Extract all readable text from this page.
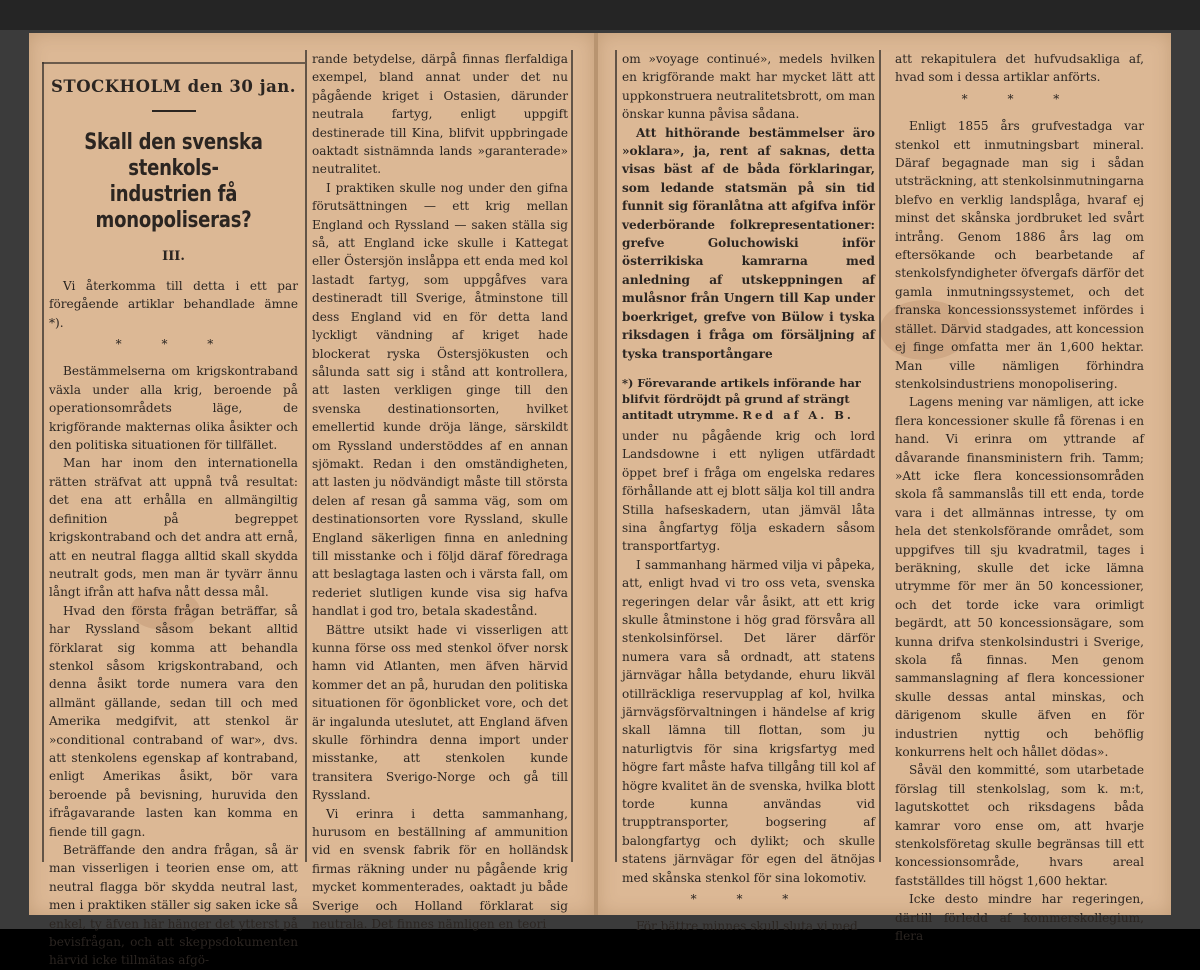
STOCKHOLM den 30 jan.
Skall den svenska stenkols-
industrien få monopoliseras?
III.

Vi återkomma till detta i ett par föregående artiklar behandlade ämne *).

* * *

Bestämmelserna om krigskontraband växla under alla krig, beroende på operationsområdets läge, de krigförande makternas olika åsikter och den politiska situationen för tillfället.

Man har inom den internationella rätten sträfvat att uppnå två resultat: det ena att erhålla en allmängiltig definition på begreppet krigskontraband och det andra att ernå, att en neutral flagga alltid skall skydda neutralt gods, men man är tyvärr ännu långt ifrån att hafva nått dessa mål.

Hvad den första frågan beträffar, så har Ryssland såsom bekant alltid förklarat sig komma att behandla stenkol såsom krigskontraband, och denna åsikt torde numera vara den allmänt gällande, sedan till och med Amerika medgifvit, att stenkol är »conditional contraband of war», dvs. att stenkolens egenskap af kontraband, enligt Amerikas åsikt, bör vara beroende på bevisning, huruvida den ifrågavarande lasten kan komma en fiende till gagn.

Beträffande den andra frågan, så är man visserligen i teorien ense om, att neutral flagga bör skydda neutral last, men i praktiken ställer sig saken icke så enkel, ty äfven här hänger det ytterst på bevisfrågan, och att skeppsdokumenten härvid icke tillmätas afgö-

rande betydelse, därpå finnas flerfaldiga exempel, bland annat under det nu pågående kriget i Ostasien, därunder neutrala fartyg, enligt uppgift destinerade till Kina, blifvit uppbringade oaktadt sistnämnda lands »garanterade» neutralitet.

I praktiken skulle nog under den gifna förutsättningen — ett krig mellan England och Ryssland — saken ställa sig så, att England icke skulle i Kattegat eller Östersjön inslåppa ett enda med kol lastadt fartyg, som uppgåfves vara destineradt till Sverige, åtminstone till dess England vid en för detta land lyckligt vändning af kriget hade blockerat ryska Östersjökusten och sålunda satt sig i stånd att kontrollera, att lasten verkligen ginge till den svenska destinationsorten, hvilket emellertid kunde dröja länge, särskildt om Ryssland understöddes af en annan sjömakt. Redan i den omständigheten, att lasten ju nödvändigt måste till största delen af resan gå samma väg, som om destinationsorten vore Ryssland, skulle England säkerligen finna en anledning till misstanke och i följd däraf föredraga att beslagtaga lasten och i värsta fall, om rederiet slutligen kunde visa sig hafva handlat i god tro, betala skadestånd.

Bättre utsikt hade vi visserligen att kunna förse oss med stenkol öfver norsk hamn vid Atlanten, men äfven härvid kommer det an på, hurudan den politiska situationen för ögonblicket vore, och det är ingalunda uteslutet, att England äfven skulle förhindra denna import under misstanke, att stenkolen kunde transitera Sverigo-Norge och gå till Ryssland.

Vi erinra i detta sammanhang, hurusom en beställning af ammunition vid en svensk fabrik för en holländsk firmas räkning under nu pågående krig mycket kommenterades, oaktadt ju både Sverige och Holland förklarat sig neutrala. Det finnes nämligen en teori

om »voyage continué», medels hvilken en krigförande makt har mycket lätt att uppkonstruera neutralitetsbrott, om man önskar kunna påvisa sådana.

Att hithörande bestämmelser äro »oklara», ja, rent af saknas, detta visas bäst af de båda förklaringar, som ledande statsmän på sin tid funnit sig föranlåtna att afgifva inför vederbörande folkrepresentationer: grefve Goluchowiski inför österrikiska kamrarna med anledning af utskeppningen af mulåsnor från Ungern till Kap under boerkriget, grefve von Bülow i tyska riksdagen i fråga om försäljning af tyska transportångare

*) Förevarande artikels införande har blifvit fördröjdt på grund af strängt antitadt utrymme. Red af A. B.

under nu pågående krig och lord Landsdowne i ett nyligen utfärdadt öppet bref i fråga om engelska redares förhållande att ej blott sälja kol till andra Stilla hafseskadern, utan jämväl låta sina ångfartyg följa eskadern såsom transportfartyg.

I sammanhang härmed vilja vi påpeka, att, enligt hvad vi tro oss veta, svenska regeringen delar vår åsikt, att ett krig skulle åtminstone i hög grad försvåra all stenkolsinförsel. Det lärer därför numera vara så ordnadt, att statens järnvägar hålla betydande, ehuru likväl otillräckliga reservupplag af kol, hvilka järnvägsförvaltningen i händelse af krig skall lämna till flottan, som ju naturligtvis för sina krigsfartyg med högre fart måste hafva tillgång till kol af högre kvalitet än de svenska, hvilka blott torde kunna användas vid trupptransporter, bogsering af balongfartyg och dylikt; och skulle statens järnvägar för egen del ätnöjas med skånska stenkol för sina lokomotiv.

* * *

För bättre minnes skull sluta vi med

att rekapitulera det hufvudsakliga af, hvad som i dessa artiklar anförts.

* * *

Enligt 1855 års grufvestadga var stenkol ett inmutningsbart mineral. Däraf begagnade man sig i sådan utsträckning, att stenkolsinmutningarna blefvo en verklig landsplåga, hvaraf ej minst det skånska jordbruket led svårt intrång. Genom 1886 års lag om eftersökande och bearbetande af stenkolsfyndigheter öfvergafs därför det gamla inmutningssystemet, och det franska koncessionssystemet infördes i stället. Därvid stadgades, att koncession ej finge omfatta mer än 1,600 hektar. Man ville nämligen förhindra stenkolsindustriens monopolisering.

Lagens mening var nämligen, att icke flera koncessioner skulle få förenas i en hand. Vi erinra om yttrande af dåvarande finansministern frih. Tamm; »Att icke flera koncessionsområden skola få sammanslås till ett enda, torde vara i det allmännas intresse, ty om hela det stenkolsförande området, som uppgifves till sju kvadratmil, tages i beräkning, skulle det icke lämna utrymme för mer än 50 koncessioner, och det torde icke vara orimligt begärdt, att 50 koncessionsägare, som kunna drifva stenkolsindustri i Sverige, skola få finnas. Men genom sammanslagning af flera koncessioner skulle dessas antal minskas, och därigenom skulle äfven en för industrien nyttig och behöflig konkurrens helt och hållet dödas».

Såväl den kommitté, som utarbetade förslag till stenkolslag, som k. m:t, lagutskottet och riksdagens båda kamrar voro ense om, att hvarje stenkolsföretag skulle begränsas till ett koncessionsområde, hvars areal fastställdes till högst 1,600 hektar.

Icke desto mindre har regeringen, därtill förledd af kommerskollegium, flera
